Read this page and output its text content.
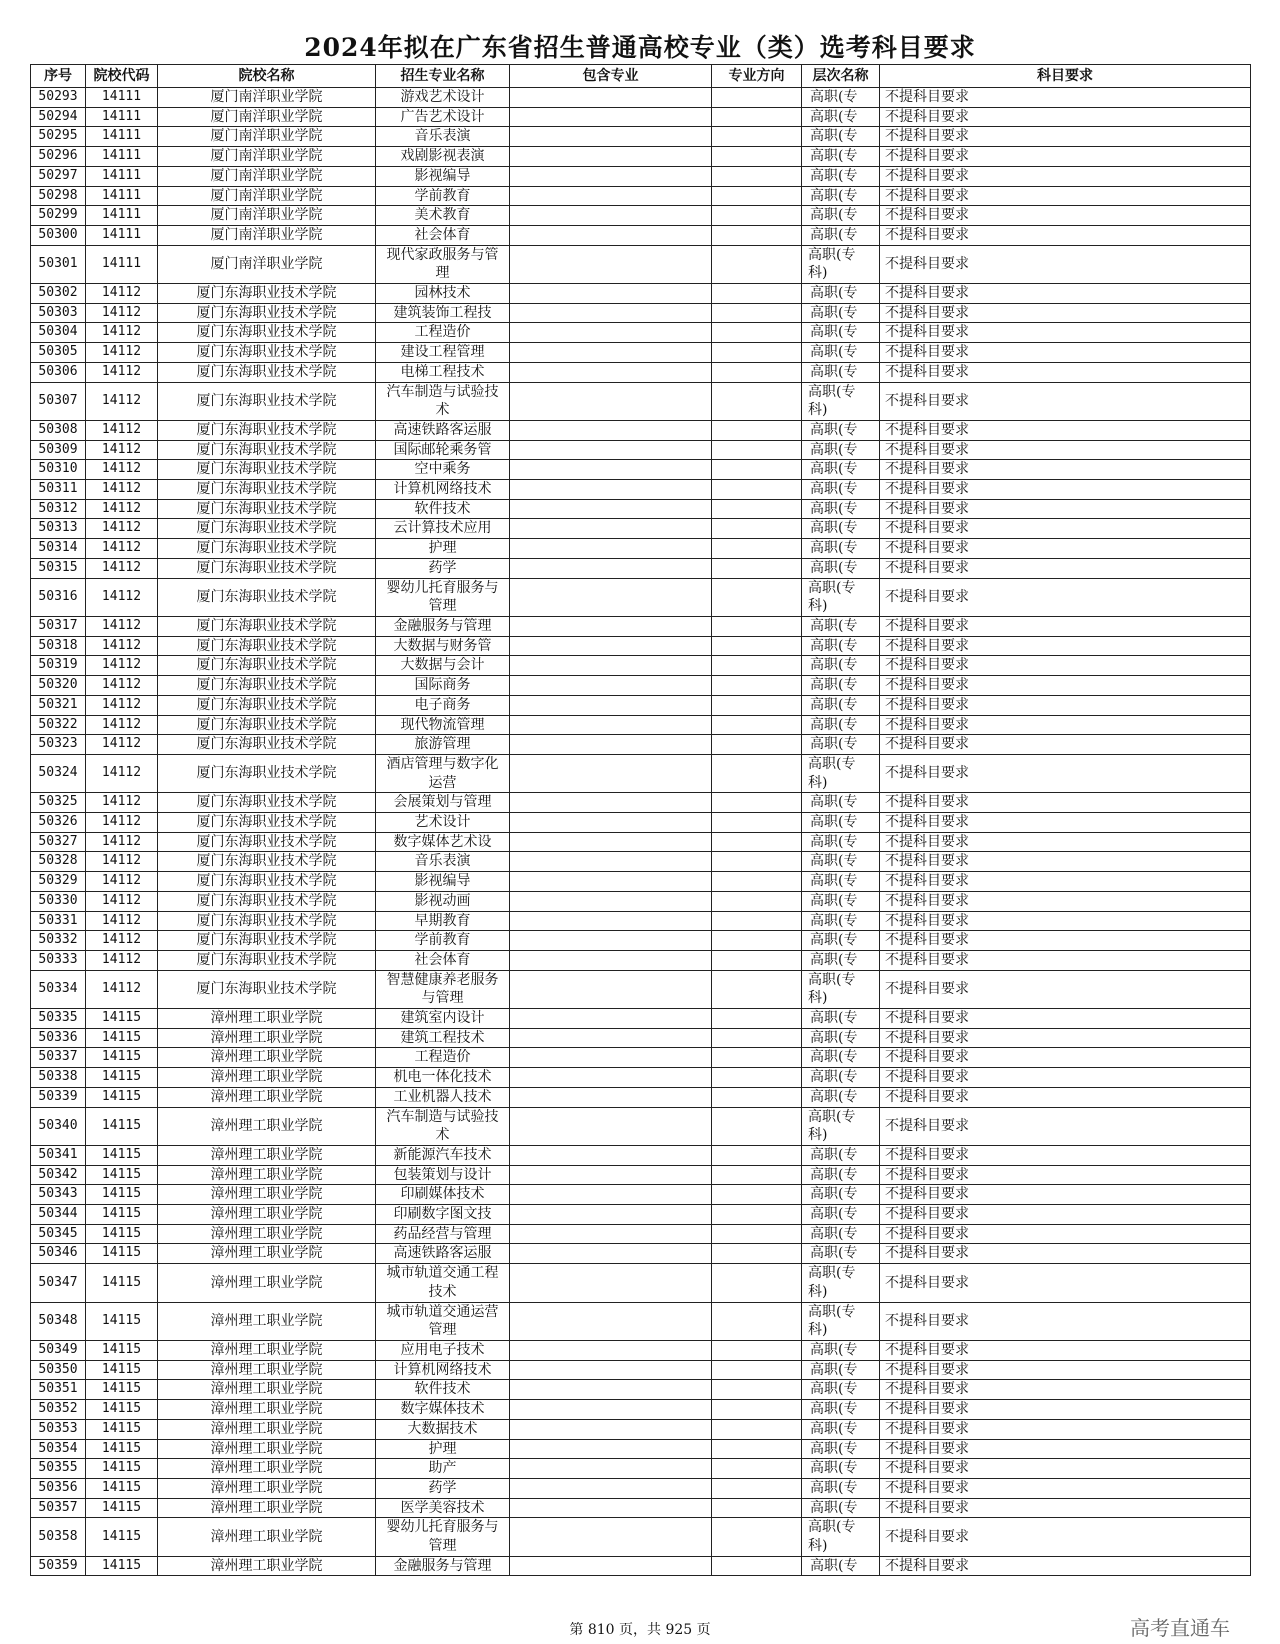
2024年拟在广东省招生普通高校专业（类）选考科目要求
序号	院校代码	院校名称	招生专业名称	包含专业	专业方向	层次名称	科目要求
50293	14111	厦门南洋职业学院	游戏艺术设计			高职(专	不提科目要求
50294	14111	厦门南洋职业学院	广告艺术设计			高职(专	不提科目要求
50295	14111	厦门南洋职业学院	音乐表演			高职(专	不提科目要求
50296	14111	厦门南洋职业学院	戏剧影视表演			高职(专	不提科目要求
50297	14111	厦门南洋职业学院	影视编导			高职(专	不提科目要求
50298	14111	厦门南洋职业学院	学前教育			高职(专	不提科目要求
50299	14111	厦门南洋职业学院	美术教育			高职(专	不提科目要求
50300	14111	厦门南洋职业学院	社会体育			高职(专	不提科目要求
50301	14111	厦门南洋职业学院	现代家政服务与管理			高职(专科)	不提科目要求
50302	14112	厦门东海职业技术学院	园林技术			高职(专	不提科目要求
50303	14112	厦门东海职业技术学院	建筑装饰工程技			高职(专	不提科目要求
50304	14112	厦门东海职业技术学院	工程造价			高职(专	不提科目要求
50305	14112	厦门东海职业技术学院	建设工程管理			高职(专	不提科目要求
50306	14112	厦门东海职业技术学院	电梯工程技术			高职(专	不提科目要求
50307	14112	厦门东海职业技术学院	汽车制造与试验技术			高职(专科)	不提科目要求
50308	14112	厦门东海职业技术学院	高速铁路客运服			高职(专	不提科目要求
50309	14112	厦门东海职业技术学院	国际邮轮乘务管			高职(专	不提科目要求
50310	14112	厦门东海职业技术学院	空中乘务			高职(专	不提科目要求
50311	14112	厦门东海职业技术学院	计算机网络技术			高职(专	不提科目要求
50312	14112	厦门东海职业技术学院	软件技术			高职(专	不提科目要求
50313	14112	厦门东海职业技术学院	云计算技术应用			高职(专	不提科目要求
50314	14112	厦门东海职业技术学院	护理			高职(专	不提科目要求
50315	14112	厦门东海职业技术学院	药学			高职(专	不提科目要求
50316	14112	厦门东海职业技术学院	婴幼儿托育服务与管理			高职(专科)	不提科目要求
50317	14112	厦门东海职业技术学院	金融服务与管理			高职(专	不提科目要求
50318	14112	厦门东海职业技术学院	大数据与财务管			高职(专	不提科目要求
50319	14112	厦门东海职业技术学院	大数据与会计			高职(专	不提科目要求
50320	14112	厦门东海职业技术学院	国际商务			高职(专	不提科目要求
50321	14112	厦门东海职业技术学院	电子商务			高职(专	不提科目要求
50322	14112	厦门东海职业技术学院	现代物流管理			高职(专	不提科目要求
50323	14112	厦门东海职业技术学院	旅游管理			高职(专	不提科目要求
50324	14112	厦门东海职业技术学院	酒店管理与数字化运营			高职(专科)	不提科目要求
50325	14112	厦门东海职业技术学院	会展策划与管理			高职(专	不提科目要求
50326	14112	厦门东海职业技术学院	艺术设计			高职(专	不提科目要求
50327	14112	厦门东海职业技术学院	数字媒体艺术设			高职(专	不提科目要求
50328	14112	厦门东海职业技术学院	音乐表演			高职(专	不提科目要求
50329	14112	厦门东海职业技术学院	影视编导			高职(专	不提科目要求
50330	14112	厦门东海职业技术学院	影视动画			高职(专	不提科目要求
50331	14112	厦门东海职业技术学院	早期教育			高职(专	不提科目要求
50332	14112	厦门东海职业技术学院	学前教育			高职(专	不提科目要求
50333	14112	厦门东海职业技术学院	社会体育			高职(专	不提科目要求
50334	14112	厦门东海职业技术学院	智慧健康养老服务与管理			高职(专科)	不提科目要求
50335	14115	漳州理工职业学院	建筑室内设计			高职(专	不提科目要求
50336	14115	漳州理工职业学院	建筑工程技术			高职(专	不提科目要求
50337	14115	漳州理工职业学院	工程造价			高职(专	不提科目要求
50338	14115	漳州理工职业学院	机电一体化技术			高职(专	不提科目要求
50339	14115	漳州理工职业学院	工业机器人技术			高职(专	不提科目要求
50340	14115	漳州理工职业学院	汽车制造与试验技术			高职(专科)	不提科目要求
50341	14115	漳州理工职业学院	新能源汽车技术			高职(专	不提科目要求
50342	14115	漳州理工职业学院	包装策划与设计			高职(专	不提科目要求
50343	14115	漳州理工职业学院	印刷媒体技术			高职(专	不提科目要求
50344	14115	漳州理工职业学院	印刷数字图文技			高职(专	不提科目要求
50345	14115	漳州理工职业学院	药品经营与管理			高职(专	不提科目要求
50346	14115	漳州理工职业学院	高速铁路客运服			高职(专	不提科目要求
50347	14115	漳州理工职业学院	城市轨道交通工程技术			高职(专科)	不提科目要求
50348	14115	漳州理工职业学院	城市轨道交通运营管理			高职(专科)	不提科目要求
50349	14115	漳州理工职业学院	应用电子技术			高职(专	不提科目要求
50350	14115	漳州理工职业学院	计算机网络技术			高职(专	不提科目要求
50351	14115	漳州理工职业学院	软件技术			高职(专	不提科目要求
50352	14115	漳州理工职业学院	数字媒体技术			高职(专	不提科目要求
50353	14115	漳州理工职业学院	大数据技术			高职(专	不提科目要求
50354	14115	漳州理工职业学院	护理			高职(专	不提科目要求
50355	14115	漳州理工职业学院	助产			高职(专	不提科目要求
50356	14115	漳州理工职业学院	药学			高职(专	不提科目要求
50357	14115	漳州理工职业学院	医学美容技术			高职(专	不提科目要求
50358	14115	漳州理工职业学院	婴幼儿托育服务与管理			高职(专科)	不提科目要求
50359	14115	漳州理工职业学院	金融服务与管理			高职(专	不提科目要求
第 810 页，共 925 页	高考直通车
